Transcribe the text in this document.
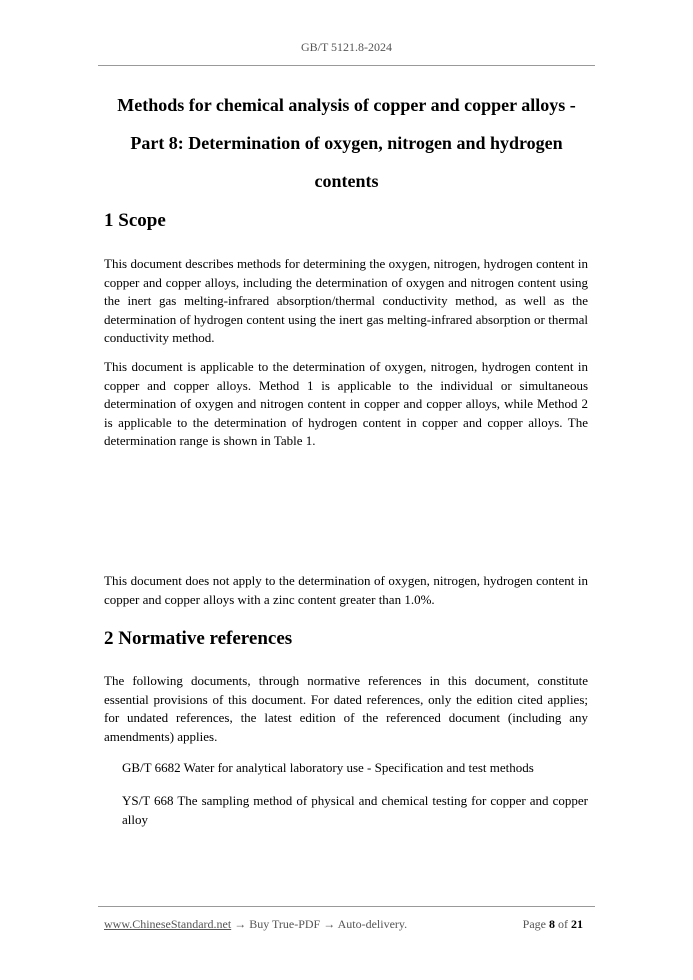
GB/T 5121.8-2024
Methods for chemical analysis of copper and copper alloys -
Part 8: Determination of oxygen, nitrogen and hydrogen
contents
1 Scope

This document describes methods for determining the oxygen, nitrogen, hydrogen content in copper and copper alloys, including the determination of oxygen and nitrogen content using the inert gas melting-infrared absorption/thermal conductivity method, as well as the determination of hydrogen content using the inert gas melting-infrared absorption or thermal conductivity method.

This document is applicable to the determination of oxygen, nitrogen, hydrogen content in copper and copper alloys. Method 1 is applicable to the individual or simultaneous determination of oxygen and nitrogen content in copper and copper alloys, while Method 2 is applicable to the determination of hydrogen content in copper and copper alloys. The determination range is shown in Table 1.

This document does not apply to the determination of oxygen, nitrogen, hydrogen content in copper and copper alloys with a zinc content greater than 1.0%.

2 Normative references

The following documents, through normative references in this document, constitute essential provisions of this document. For dated references, only the edition cited applies; for undated references, the latest edition of the referenced document (including any amendments) applies.

GB/T 6682 Water for analytical laboratory use - Specification and test methods

YS/T 668 The sampling method of physical and chemical testing for copper and copper alloy

www.ChineseStandard.net → Buy True-PDF → Auto-delivery.	Page 8 of 21
